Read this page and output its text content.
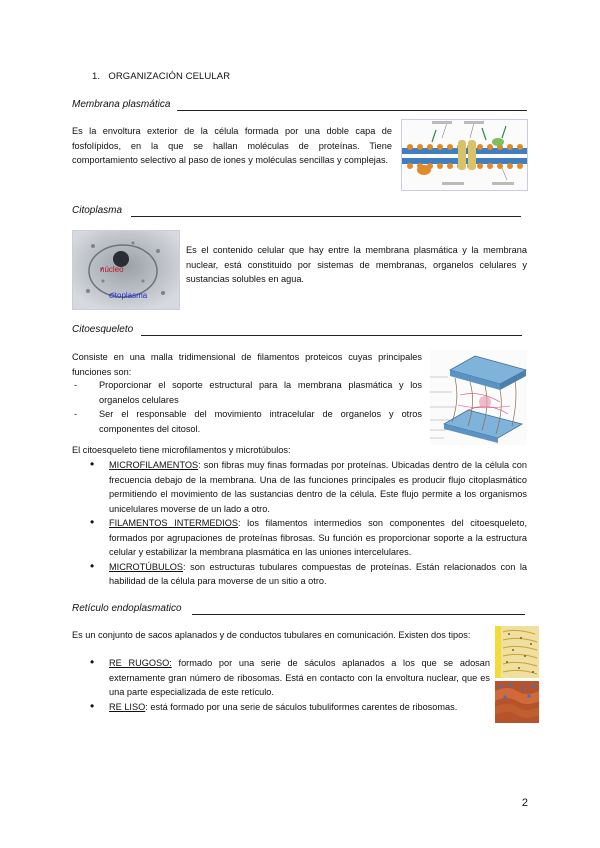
1.   ORGANIZACIÓN CELULAR
Membrana plasmática
Es la envoltura exterior de la célula formada por una doble capa de fosfolípidos, en la que se hallan moléculas de proteínas. Tiene comportamiento selectivo al paso de iones y moléculas sencillas y complejas.
Citoplasma
núcleo
citoplasma
Es el contenido celular que hay entre la membrana plasmática y la membrana nuclear, está constituido por sistemas de membranas, organelos celulares y sustancias solubles en agua.
Citoesqueleto
Consiste en una malla tridimensional de filamentos proteicos cuyas principales funciones son:
- Proporcionar el soporte estructural para la membrana plasmática y los organelos celulares
- Ser el responsable del movimiento intracelular de organelos y otros componentes del citosol.
El citoesqueleto tiene microfilamentos y microtúbulos:
• MICROFILAMENTOS: son fibras muy finas formadas por proteínas. Ubicadas dentro de la célula con frecuencia debajo de la membrana. Una de las funciones principales es producir flujo citoplasmático permitiendo el movimiento de las sustancias dentro de la célula. Este flujo permite a los organismos unicelulares moverse de un lado a otro.
• FILAMENTOS INTERMEDIOS: los filamentos intermedios son componentes del citoesqueleto, formados por agrupaciones de proteínas fibrosas. Su función es proporcionar soporte a la estructura celular y estabilizar la membrana plasmática en las uniones intercelulares.
• MICROTÚBULOS: son estructuras tubulares compuestas de proteínas. Están relacionados con la habilidad de la célula para moverse de un sitio a otro.
Retículo endoplasmatico
Es un conjunto de sacos aplanados y de conductos tubulares en comunicación. Existen dos tipos:
• RE RUGOSO: formado por una serie de sáculos aplanados a los que se adosan externamente gran número de ribosomas. Está en contacto con la envoltura nuclear, que es una parte especializada de este retículo.
• RE LISO: está formado por una serie de sáculos tubuliformes carentes de ribosomas.
2
